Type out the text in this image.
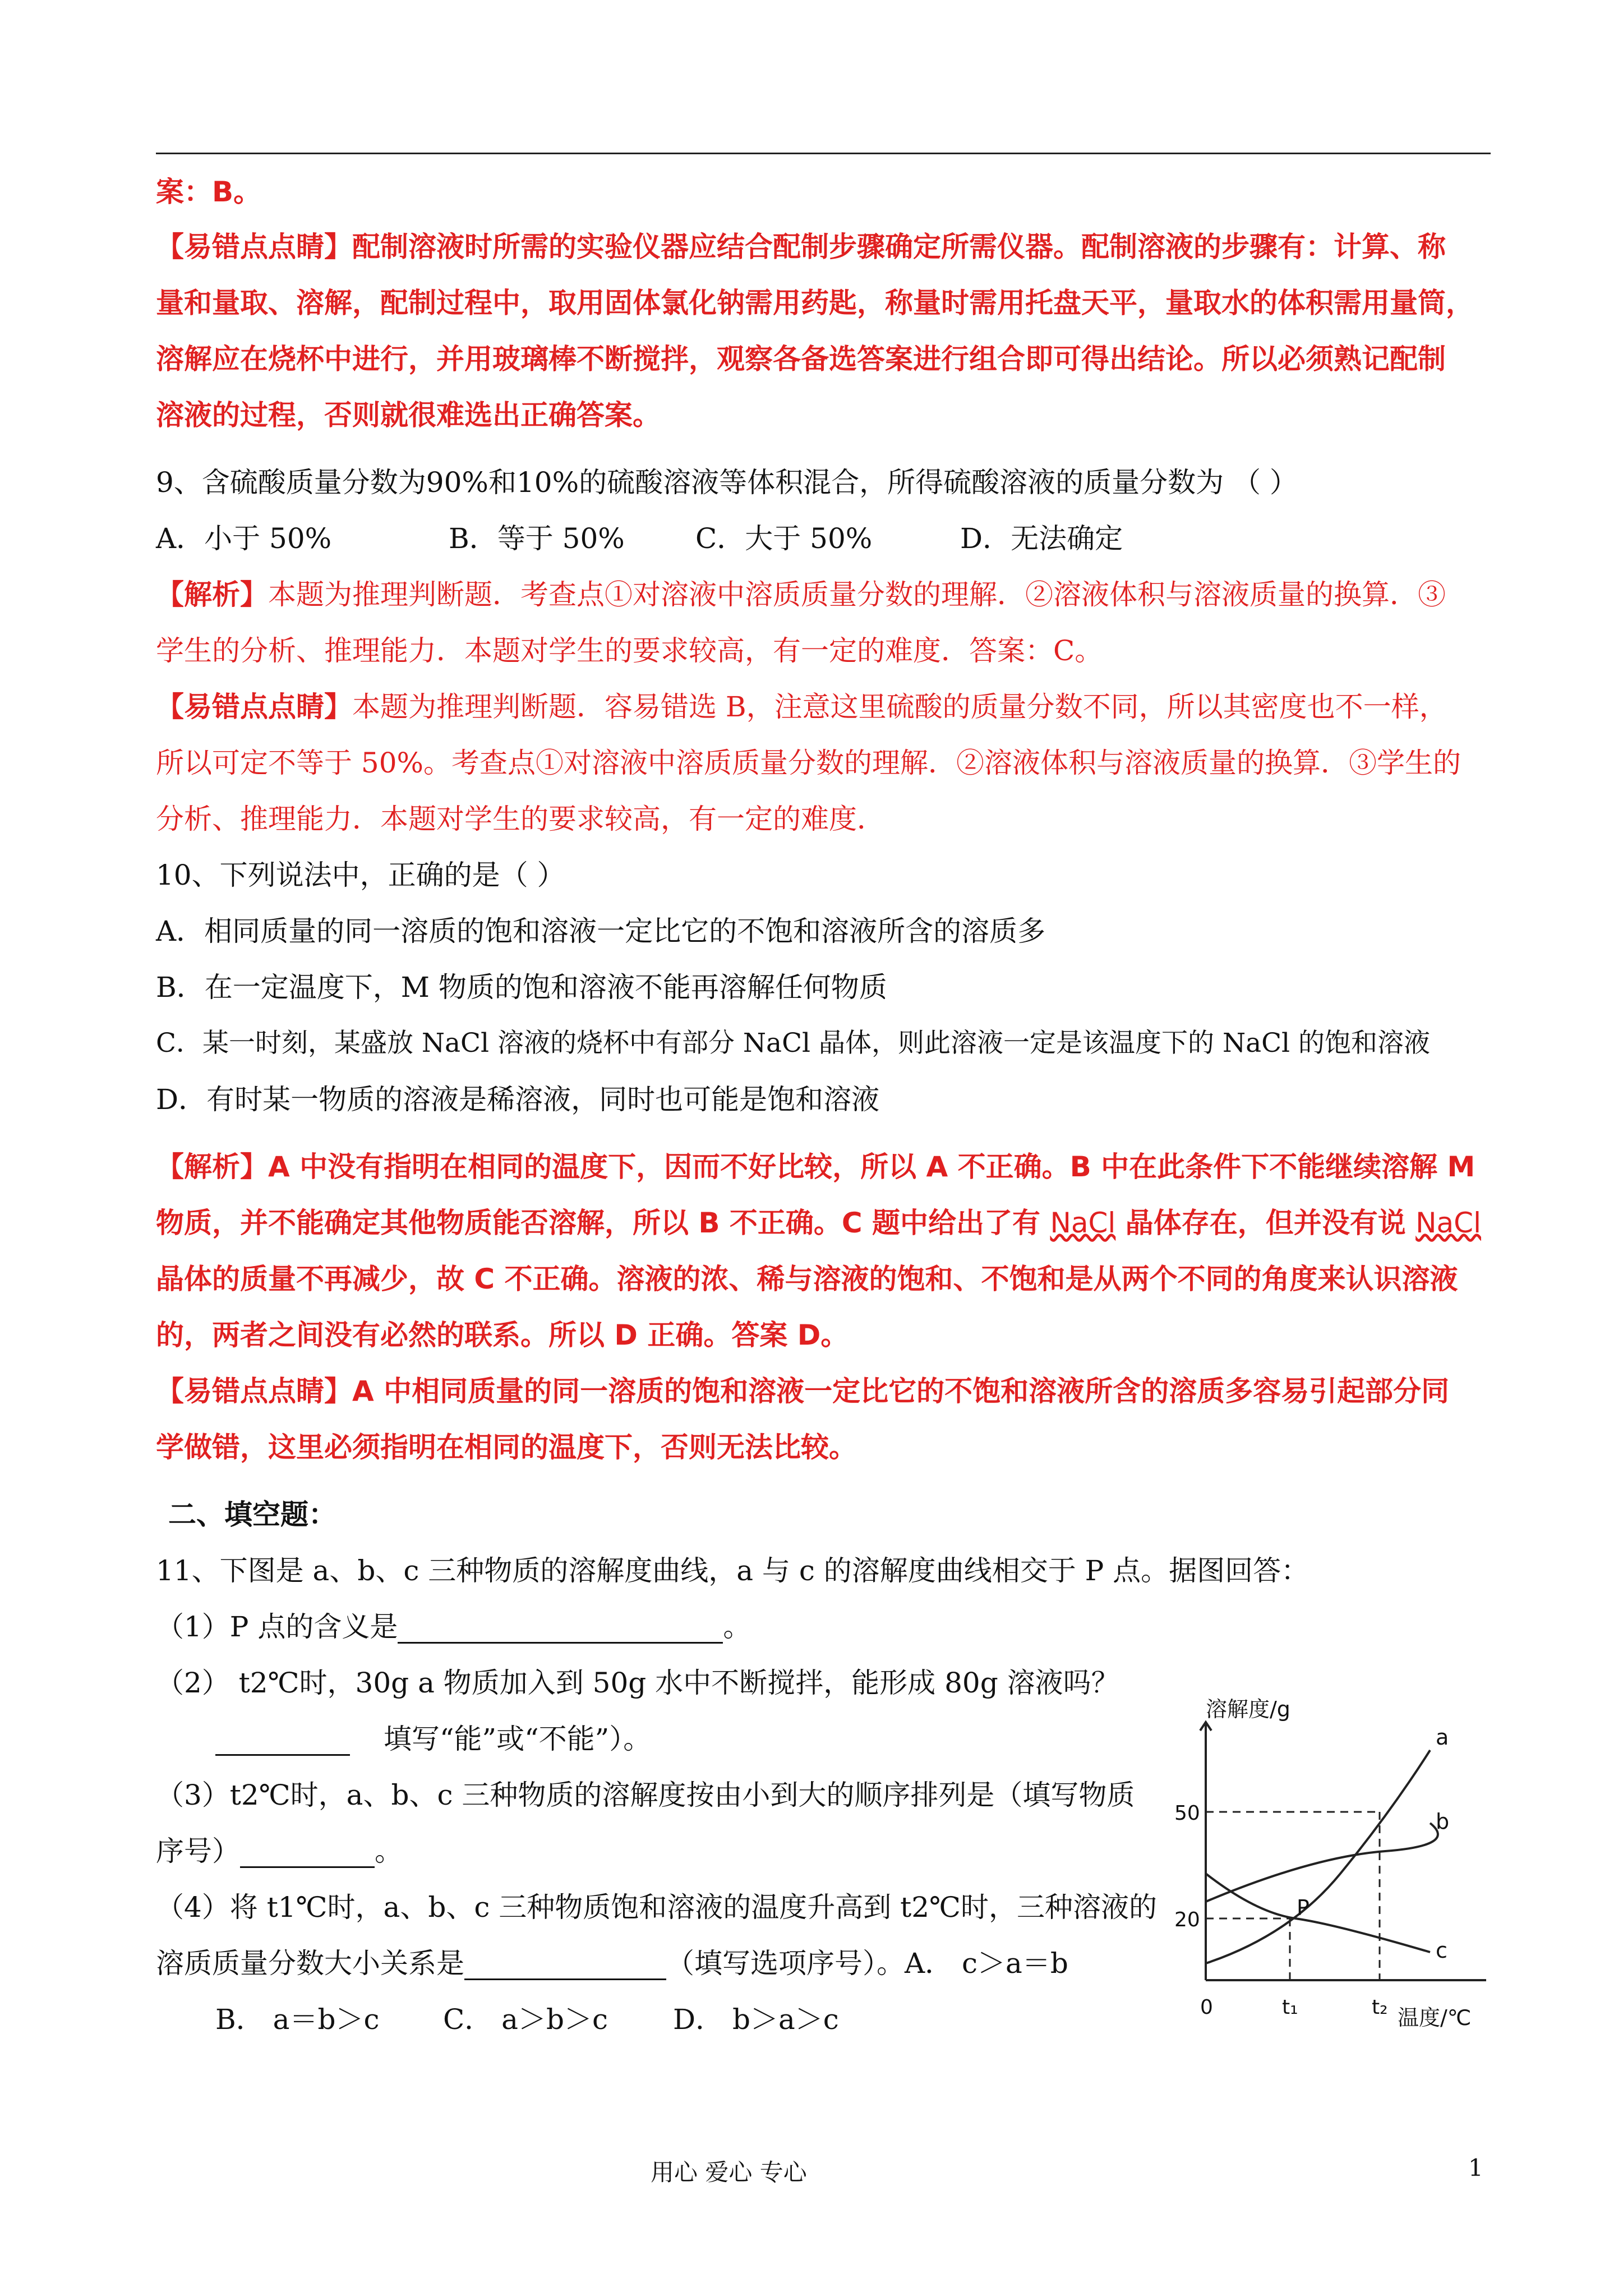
案：B。
【易错点点睛】配制溶液时所需的实验仪器应结合配制步骤确定所需仪器。配制溶液的步骤有：计算、称
量和量取、溶解，配制过程中，取用固体氯化钠需用药匙，称量时需用托盘天平，量取水的体积需用量筒，
溶解应在烧杯中进行，并用玻璃棒不断搅拌，观察各备选答案进行组合即可得出结论。所以必须熟记配制
溶液的过程，否则就很难选出正确答案。
9、含硫酸质量分数为90%和10%的硫酸溶液等体积混合，所得硫酸溶液的质量分数为 （ ）
A．小于 50%	B．等于 50%	C．大于 50%	D．无法确定
【解析】本题为推理判断题．考查点①对溶液中溶质质量分数的理解．②溶液体积与溶液质量的换算．③
学生的分析、推理能力．本题对学生的要求较高，有一定的难度．答案：C。
【易错点点睛】本题为推理判断题．容易错选 B，注意这里硫酸的质量分数不同，所以其密度也不一样，
所以可定不等于 50%。考查点①对溶液中溶质质量分数的理解．②溶液体积与溶液质量的换算．③学生的
分析、推理能力．本题对学生的要求较高，有一定的难度．
10、下列说法中，正确的是（ ）
A．相同质量的同一溶质的饱和溶液一定比它的不饱和溶液所含的溶质多
B．在一定温度下，M 物质的饱和溶液不能再溶解任何物质
C．某一时刻，某盛放 NaCl 溶液的烧杯中有部分 NaCl 晶体，则此溶液一定是该温度下的 NaCl 的饱和溶液
D．有时某一物质的溶液是稀溶液，同时也可能是饱和溶液
【解析】A 中没有指明在相同的温度下，因而不好比较，所以 A 不正确。B 中在此条件下不能继续溶解 M
物质，并不能确定其他物质能否溶解，所以 B 不正确。C 题中给出了有 NaCl 晶体存在，但并没有说 NaCl
晶体的质量不再减少，故 C 不正确。溶液的浓、稀与溶液的饱和、不饱和是从两个不同的角度来认识溶液
的，两者之间没有必然的联系。所以 D 正确。答案 D。
【易错点点睛】A 中相同质量的同一溶质的饱和溶液一定比它的不饱和溶液所含的溶质多容易引起部分同
学做错，这里必须指明在相同的温度下，否则无法比较。
二、填空题：
11、下图是 a、b、c 三种物质的溶解度曲线，a 与 c 的溶解度曲线相交于 P 点。据图回答：
（1）P 点的含义是	。
（2） t2℃时，30g a 物质加入到 50g 水中不断搅拌，能形成 80g 溶液吗？
填写“能”或“不能”）。
（3）t2℃时，a、b、c 三种物质的溶解度按由小到大的顺序排列是（填写物质
序号）	。
（4）将 t1℃时，a、b、c 三种物质饱和溶液的温度升高到 t2℃时，三种溶液的
溶质质量分数大小关系是	（填写选项序号）。A． c＞a＝b
B． a＝b＞c C． a＞b＞c D． b＞a＞c
溶解度/g
温度/℃
50
20
0	t₁	t₂
a
b
c
P
用心 爱心 专心	1
